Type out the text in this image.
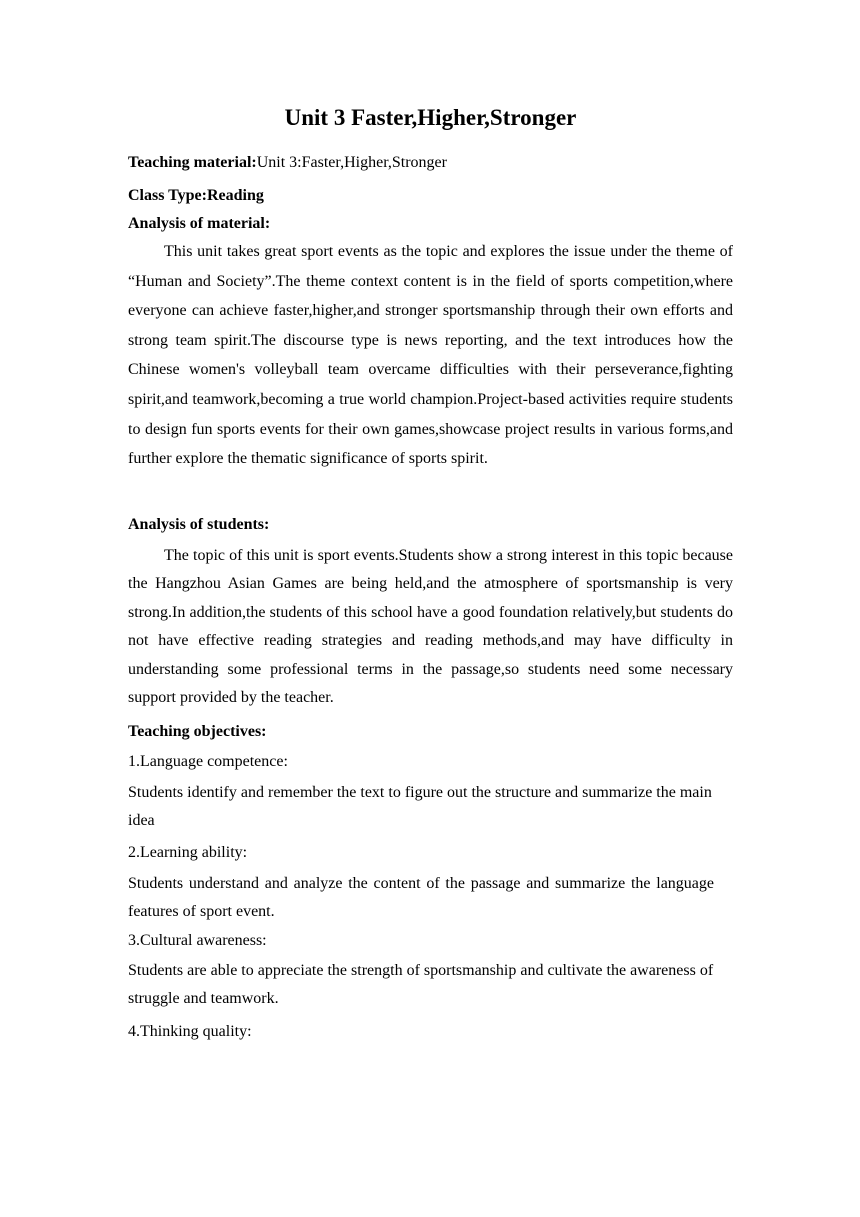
Unit 3 Faster,Higher,Stronger
Teaching material:Unit 3:Faster,Higher,Stronger
Class Type:Reading
Analysis of material:

This unit takes great sport events as the topic and explores the issue under the theme of “Human and Society”.The theme context content is in the field of sports competition,where everyone can achieve faster,higher,and stronger sportsmanship through their own efforts and strong team spirit.The discourse type is news reporting, and the text introduces how the Chinese women's volleyball team overcame difficulties with their perseverance,fighting spirit,and teamwork,becoming a true world champion.Project-based activities require students to design fun sports events for their own games,showcase project results in various forms,and further explore the thematic significance of sports spirit.

Analysis of students:

The topic of this unit is sport events.Students show a strong interest in this topic because the Hangzhou Asian Games are being held,and the atmosphere of sportsmanship is very strong.In addition,the students of this school have a good foundation relatively,but students do not have effective reading strategies and reading methods,and may have difficulty in understanding some professional terms in the passage,so students need some necessary support provided by the teacher.

Teaching objectives:
1.Language competence:

Students identify and remember the text to figure out the structure and summarize the main idea

2.Learning ability:

Students understand and analyze the content of the passage and summarize the language features of sport event.

3.Cultural awareness:

Students are able to appreciate the strength of sportsmanship and cultivate the awareness of struggle and teamwork.

4.Thinking quality:
